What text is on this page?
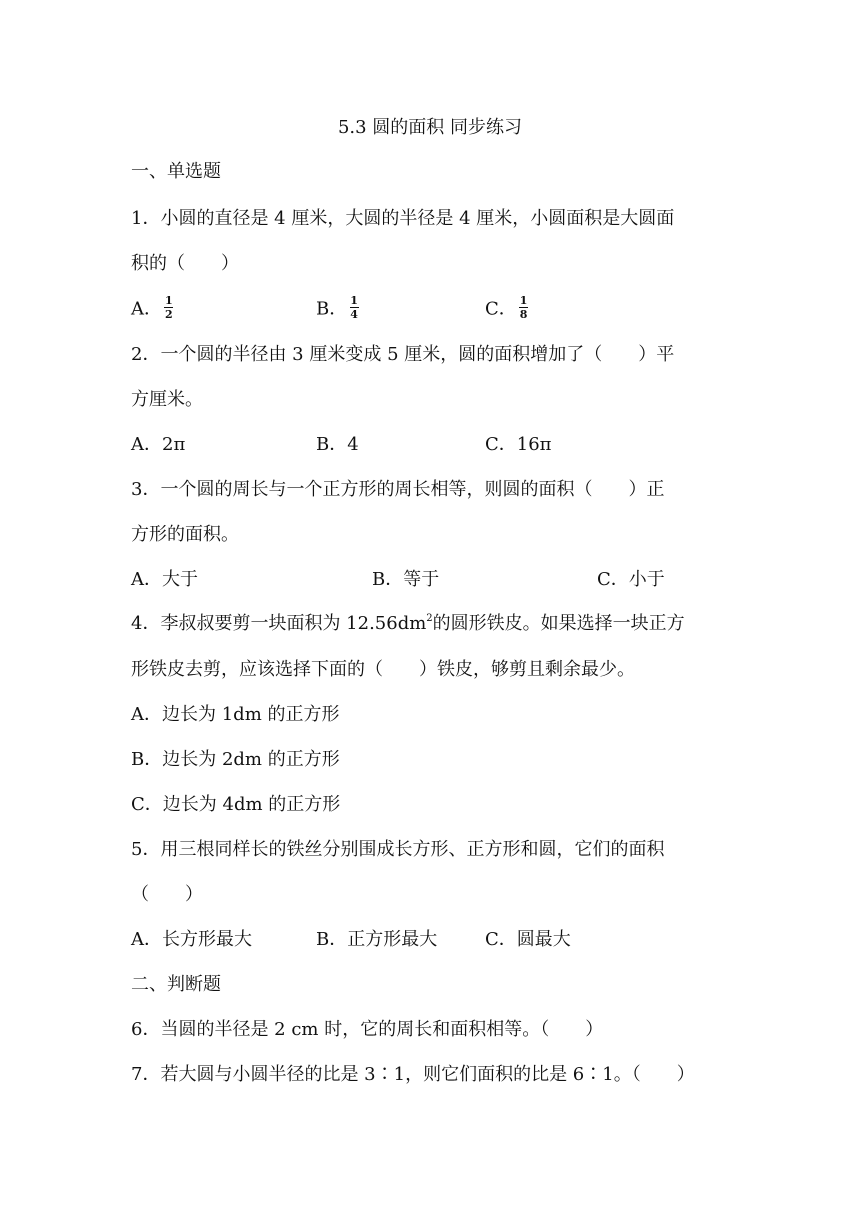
5.3 圆的面积 同步练习
一、单选题
1．小圆的直径是 4 厘米，大圆的半径是 4 厘米，小圆面积是大圆面
积的（　　）
A． $\frac{1}{2}$	B． $\frac{1}{4}$	C． $\frac{1}{8}$
2．一个圆的半径由 3 厘米变成 5 厘米，圆的面积增加了（　　）平
方厘米。
A．2π	B．4	C．16π
3．一个圆的周长与一个正方形的周长相等，则圆的面积（　　）正
方形的面积。
A．大于	B．等于	C．小于
4．李叔叔要剪一块面积为 $12.56dm^2$的圆形铁皮。如果选择一块正方
形铁皮去剪，应该选择下面的（　　）铁皮，够剪且剩余最少。
A．边长为 1dm 的正方形
B．边长为 2dm 的正方形
C．边长为 4dm 的正方形
5．用三根同样长的铁丝分别围成长方形、正方形和圆，它们的面积
（　　）
A．长方形最大	B．正方形最大	C．圆最大
二、判断题
6．当圆的半径是 2 cm 时，它的周长和面积相等。（　　）
7．若大圆与小圆半径的比是 3∶1，则它们面积的比是 6∶1。（　　）
